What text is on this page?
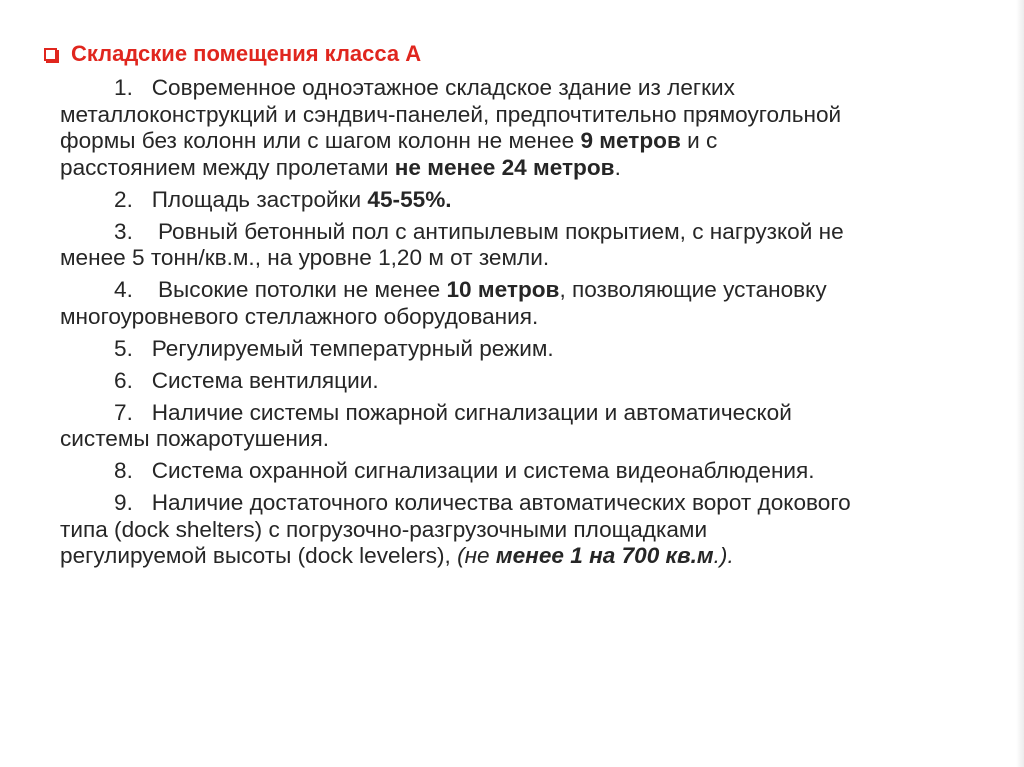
Складские помещения класса А
1.   Современное одноэтажное складское здание из легких
металлоконструкций и сэндвич-панелей, предпочтительно прямоугольной
формы без колонн или с шагом колонн не менее 9 метров и с
расстоянием между пролетами не менее 24 метров.
2.   Площадь застройки 45-55%.
3.    Ровный бетонный пол с антипылевым покрытием, с нагрузкой не
менее 5 тонн/кв.м., на уровне 1,20 м от земли.
4.    Высокие потолки не менее 10 метров, позволяющие установку
многоуровневого стеллажного оборудования.
5.   Регулируемый температурный режим.
6.   Система вентиляции.
7.   Наличие системы пожарной сигнализации и автоматической
системы пожаротушения.
8.   Система охранной сигнализации и система видеонаблюдения.
9.   Наличие достаточного количества автоматических ворот докового
типа (dock shelters) с погрузочно-разгрузочными площадками
регулируемой высоты (dock levelers), (не менее 1 на 700 кв.м.).
